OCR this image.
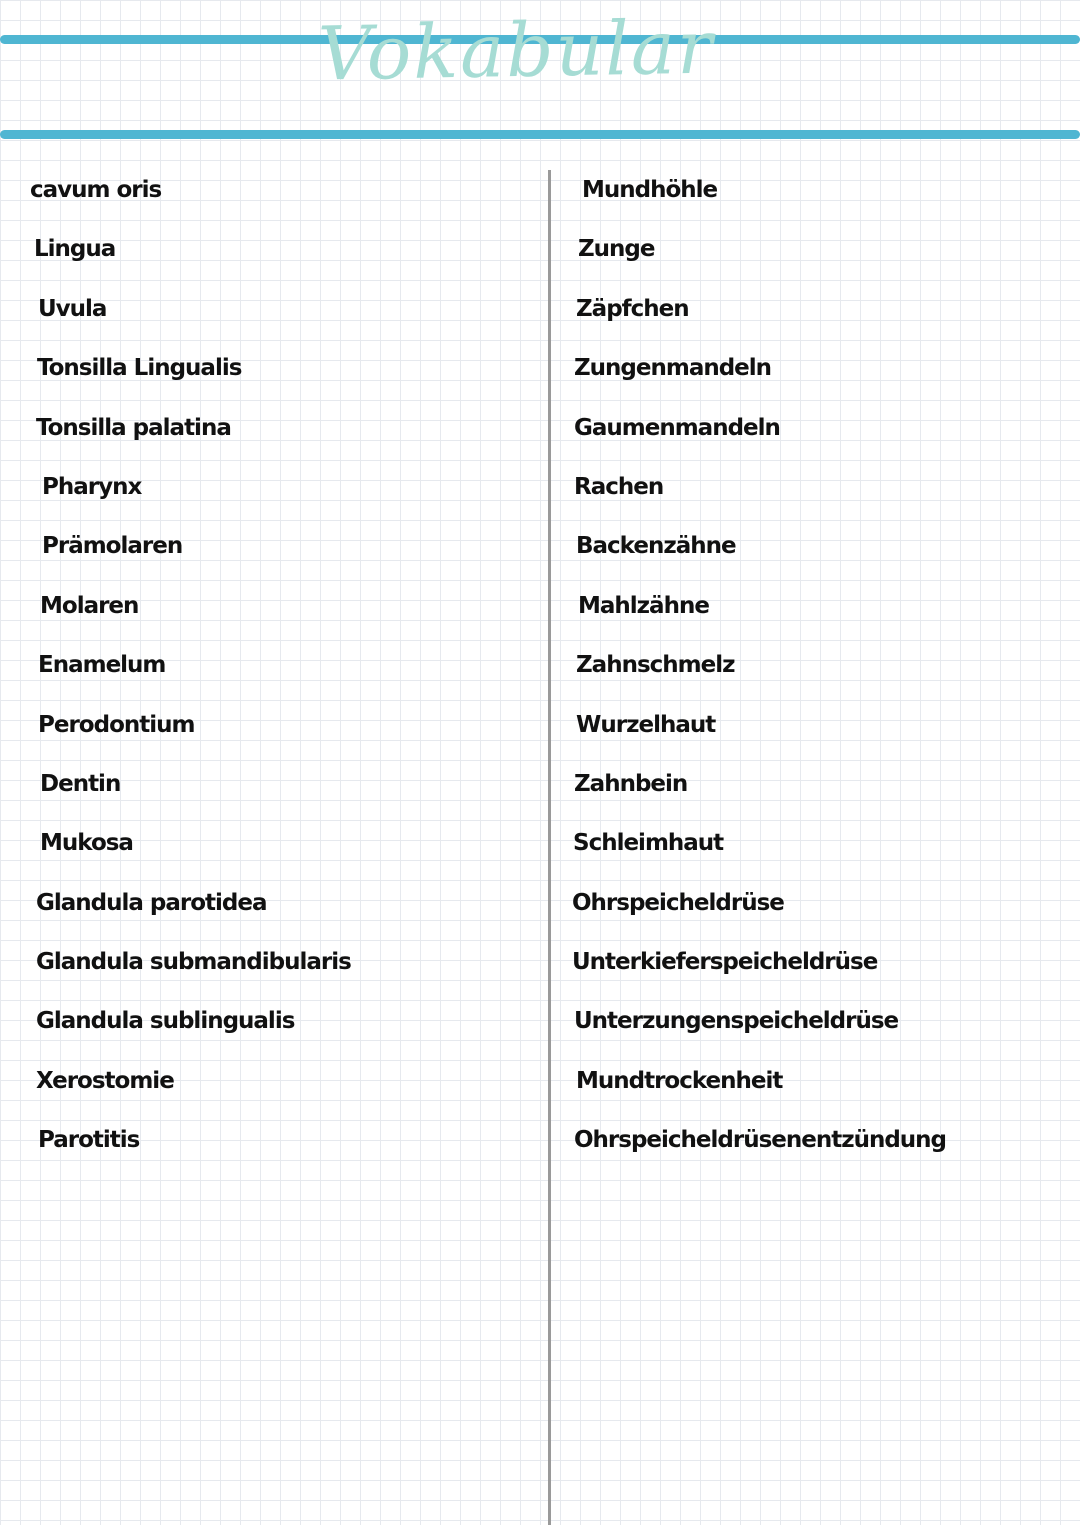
Vokabular
cavum oris
Lingua
Uvula
Tonsilla Lingualis
Tonsilla palatina
Pharynx
Prämolaren
Molaren
Enamelum
Perodontium
Dentin
Mukosa
Glandula parotidea
Glandula submandibularis
Glandula sublingualis
Xerostomie
Parotitis
Mundhöhle
Zunge
Zäpfchen
Zungenmandeln
Gaumenmandeln
Rachen
Backenzähne
Mahlzähne
Zahnschmelz
Wurzelhaut
Zahnbein
Schleimhaut
Ohrspeicheldrüse
Unterkieferspeicheldrüse
Unterzungenspeicheldrüse
Mundtrockenheit
Ohrspeicheldrüsenentzündung
